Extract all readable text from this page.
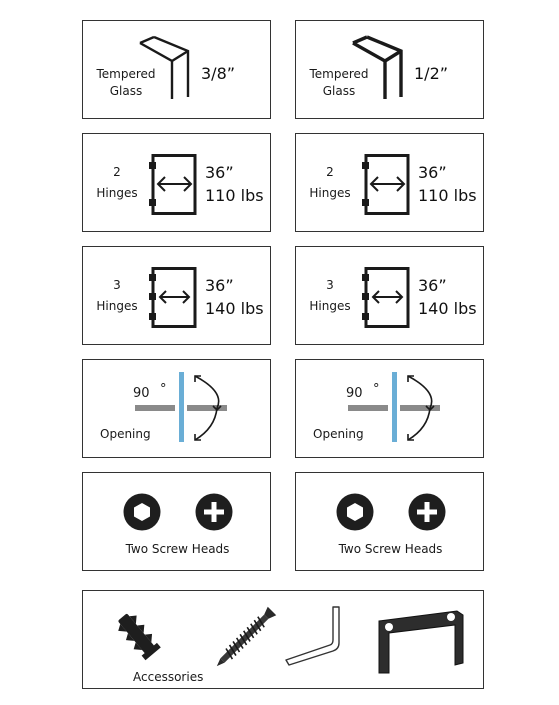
Tempered
Glass
3/8”	Tempered
Glass
1/2”
2
Hinges
36”
110 lbs
2
Hinges
36”
110 lbs
3
Hinges
36”
140 lbs
3
Hinges
36”
140 lbs
90 °
Opening
90 °
Opening
Two Screw Heads	Two Screw Heads
Accessories
